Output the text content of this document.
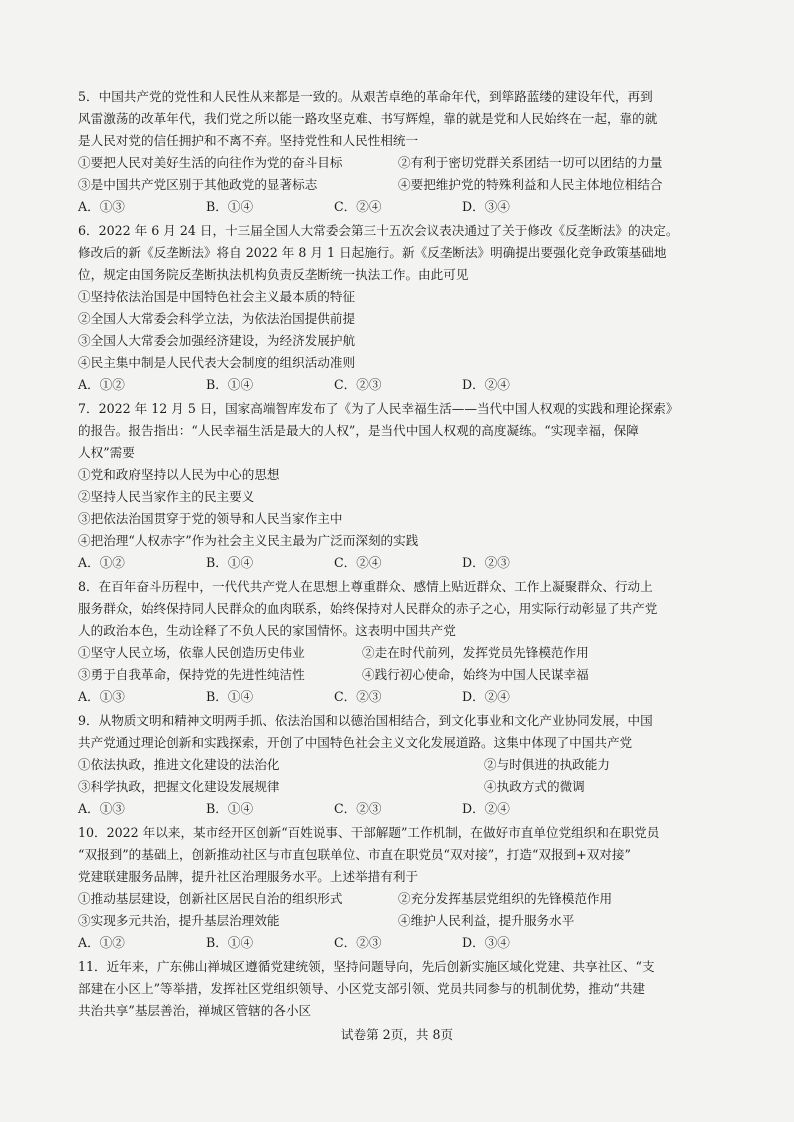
5．中国共产党的党性和人民性从来都是一致的。从艰苦卓绝的革命年代，到筚路蓝缕的建设年代，再到
风雷激荡的改革年代，我们党之所以能一路攻坚克难、书写辉煌，靠的就是党和人民始终在一起，靠的就
是人民对党的信任拥护和不离不弃。坚持党性和人民性相统一
①要把人民对美好生活的向往作为党的奋斗目标	②有利于密切党群关系团结一切可以团结的力量
③是中国共产党区别于其他政党的显著标志	④要把维护党的特殊利益和人民主体地位相结合
A．①③	B．①④	C．②④	D．③④
6．2022 年 6 月 24 日，十三届全国人大常委会第三十五次会议表决通过了关于修改《反垄断法》的决定。
修改后的新《反垄断法》将自 2022 年 8 月 1 日起施行。新《反垄断法》明确提出要强化竞争政策基础地
位，规定由国务院反垄断执法机构负责反垄断统一执法工作。由此可见
①坚持依法治国是中国特色社会主义最本质的特征
②全国人大常委会科学立法，为依法治国提供前提
③全国人大常委会加强经济建设，为经济发展护航
④民主集中制是人民代表大会制度的组织活动准则
A．①②	B．①④	C．②③	D．②④
7．2022 年 12 月 5 日，国家高端智库发布了《为了人民幸福生活——当代中国人权观的实践和理论探索》
的报告。报告指出：“人民幸福生活是最大的人权”，是当代中国人权观的高度凝练。“实现幸福，保障
人权”需要
①党和政府坚持以人民为中心的思想
②坚持人民当家作主的民主要义
③把依法治国贯穿于党的领导和人民当家作主中
④把治理“人权赤字”作为社会主义民主最为广泛而深刻的实践
A．①②	B．①④	C．②④	D．②③
8．在百年奋斗历程中，一代代共产党人在思想上尊重群众、感情上贴近群众、工作上凝聚群众、行动上
服务群众，始终保持同人民群众的血肉联系，始终保持对人民群众的赤子之心，用实际行动彰显了共产党
人的政治本色，生动诠释了不负人民的家国情怀。这表明中国共产党
①坚守人民立场，依靠人民创造历史伟业	②走在时代前列，发挥党员先锋模范作用
③勇于自我革命，保持党的先进性纯洁性	④践行初心使命，始终为中国人民谋幸福
A．①③	B．①④	C．②③	D．②④
9．从物质文明和精神文明两手抓、依法治国和以德治国相结合，到文化事业和文化产业协同发展，中国
共产党通过理论创新和实践探索，开创了中国特色社会主义文化发展道路。这集中体现了中国共产党
①依法执政，推进文化建设的法治化	②与时俱进的执政能力
③科学执政，把握文化建设发展规律	④执政方式的微调
A．①③	B．①④	C．②③	D．②④
10．2022 年以来，某市经开区创新“百姓说事、干部解题”工作机制，在做好市直单位党组织和在职党员
“双报到”的基础上，创新推动社区与市直包联单位、市直在职党员“双对接”，打造“双报到+双对接”
党建联建服务品牌，提升社区治理服务水平。上述举措有利于
①推动基层建设，创新社区居民自治的组织形式	②充分发挥基层党组织的先锋模范作用
③实现多元共治，提升基层治理效能	④维护人民利益，提升服务水平
A．①②	B．①④	C．②③	D．③④
11．近年来，广东佛山禅城区遵循党建统领，坚持问题导向，先后创新实施区域化党建、共享社区、“支
部建在小区上”等举措，发挥社区党组织领导、小区党支部引领、党员共同参与的机制优势，推动“共建
共治共享”基层善治，禅城区管辖的各小区
试卷第 2页，共 8页
